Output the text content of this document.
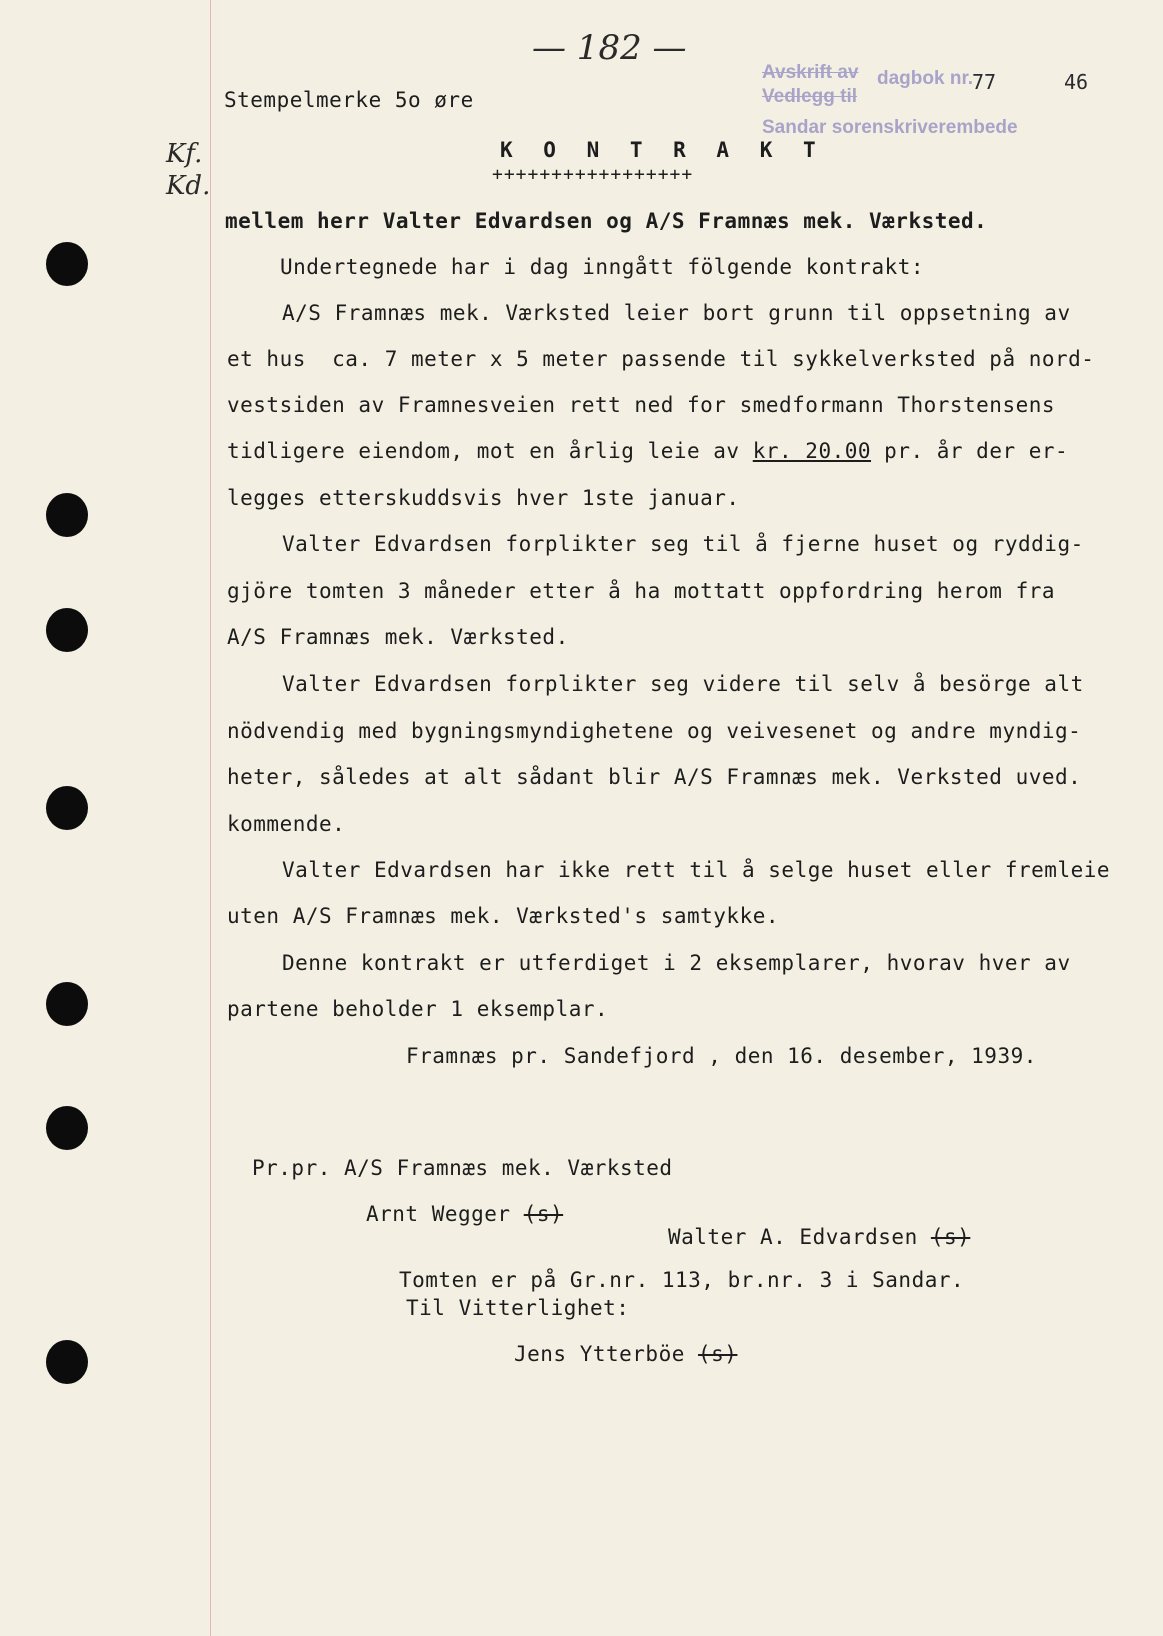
— 182 —
Avskrift av dagbok nr.
77	46
Vedlegg til
Sandar sorenskriverembede
Stempelmerke 5o øre
Kf. Kd.
K O N T R A K T
+++++++++++++++++
mellem herr Valter Edvardsen og A/S Framnæs mek. Værksted.
Undertegnede har i dag inngått fölgende kontrakt:
A/S Framnæs mek. Værksted leier bort grunn til oppsetning av
et hus  ca. 7 meter x 5 meter passende til sykkelverksted på nord-
vestsiden av Framnesveien rett ned for smedformann Thorstensens
tidligere eiendom, mot en årlig leie av kr. 20.00 pr. år der er-
legges etterskuddsvis hver 1ste januar.
Valter Edvardsen forplikter seg til å fjerne huset og ryddig-
gjöre tomten 3 måneder etter å ha mottatt oppfordring herom fra
A/S Framnæs mek. Værksted.
Valter Edvardsen forplikter seg videre til selv å besörge alt
nödvendig med bygningsmyndighetene og veivesenet og andre myndig-
heter, således at alt sådant blir A/S Framnæs mek. Verksted uved.
kommende.
Valter Edvardsen har ikke rett til å selge huset eller fremleie
uten A/S Framnæs mek. Værksted's samtykke.
Denne kontrakt er utferdiget i 2 eksemplarer, hvorav hver av
partene beholder 1 eksemplar.
Framnæs pr. Sandefjord , den 16. desember, 1939.
Pr.pr. A/S Framnæs mek. Værksted
Arnt Wegger (s)
Walter A. Edvardsen (s)
Tomten er på Gr.nr. 113, br.nr. 3 i Sandar.
Til Vitterlighet:
Jens Ytterböe (s)
